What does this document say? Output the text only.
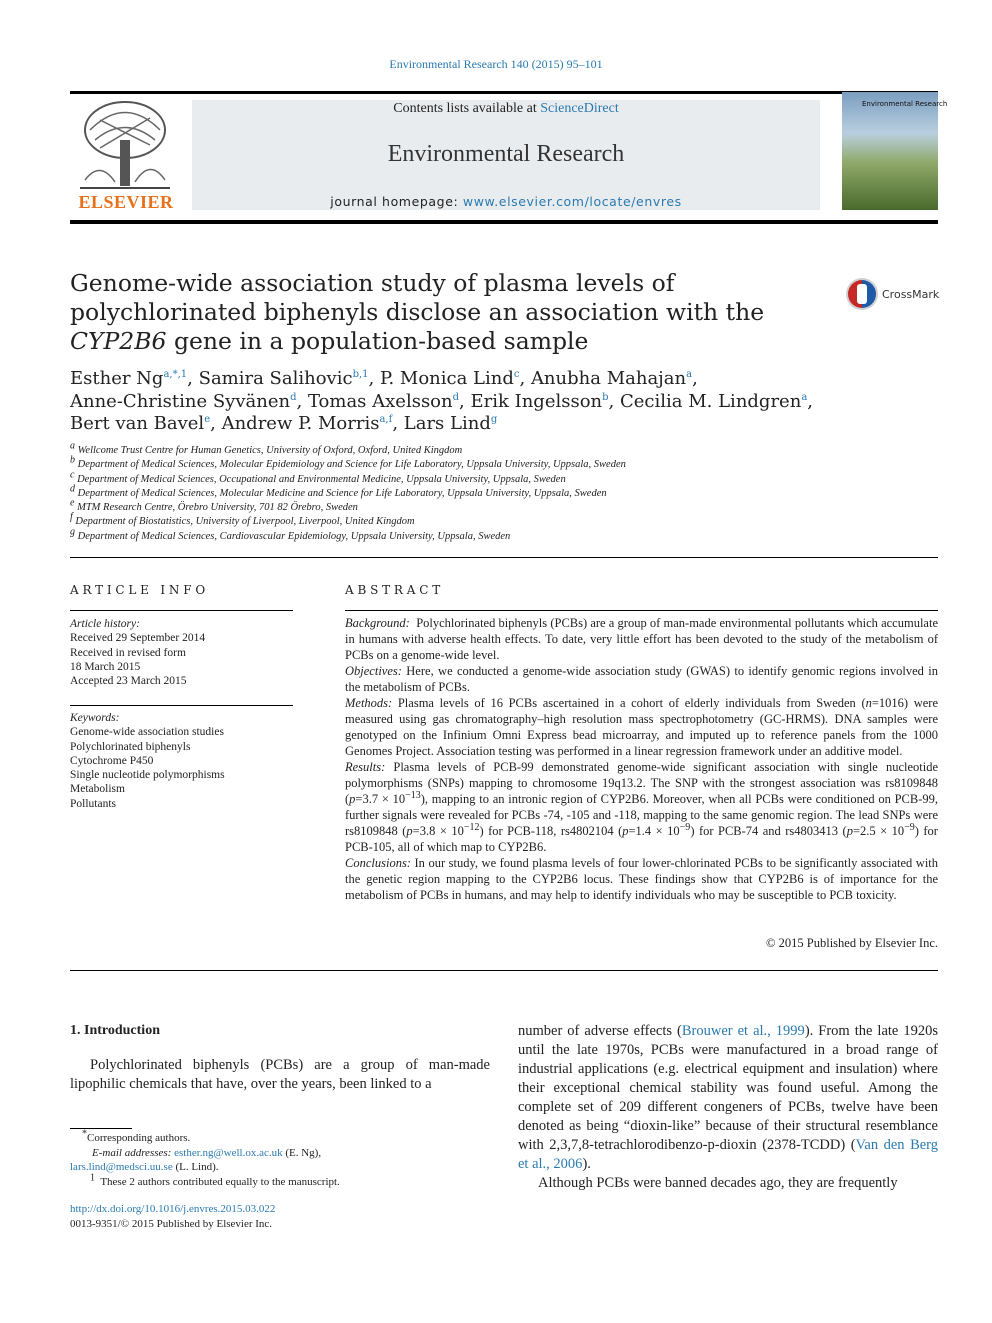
Environmental Research 140 (2015) 95–101
ELSEVIER
Contents lists available at ScienceDirect
Environmental Research
journal homepage: www.elsevier.com/locate/envres
Environmental Research
Genome-wide association study of plasma levels of polychlorinated biphenyls disclose an association with the CYP2B6 gene in a population-based sample
CrossMark
Esther $Ng^{a,*,1}$, Samira Salihovic$^{b,1}$, P. Monica Lind$^c$, Anubha Mahajan$^a$,
Anne-Christine Syvänen$^d$, Tomas Axelsson$^d$, Erik Ingelsson$^b$, Cecilia M. Lindgren$^a$,
Bert van Bavel$^e$, Andrew P. Morris$^{a,f}$, Lars Lind$^g$
$^a$ Wellcome Trust Centre for Human Genetics, University of Oxford, Oxford, United Kingdom
$^b$ Department of Medical Sciences, Molecular Epidemiology and Science for Life Laboratory, Uppsala University, Uppsala, Sweden
$^c$ Department of Medical Sciences, Occupational and Environmental Medicine, Uppsala University, Uppsala, Sweden
$^d$ Department of Medical Sciences, Molecular Medicine and Science for Life Laboratory, Uppsala University, Uppsala, Sweden
$^e$ MTM Research Centre, Örebro University, 701 82 Örebro, Sweden
$^f$ Department of Biostatistics, University of Liverpool, Liverpool, United Kingdom
$^g$ Department of Medical Sciences, Cardiovascular Epidemiology, Uppsala University, Uppsala, Sweden
ARTICLE INFO
Article history:
Received 29 September 2014
Received in revised form
18 March 2015
Accepted 23 March 2015
Keywords:
Genome-wide association studies
Polychlorinated biphenyls
Cytochrome P450
Single nucleotide polymorphisms
Metabolism
Pollutants
ABSTRACT

Background: Polychlorinated biphenyls (PCBs) are a group of man-made environmental pollutants which accumulate in humans with adverse health effects. To date, very little effort has been devoted to the study of the metabolism of PCBs on a genome-wide level.

Objectives: Here, we conducted a genome-wide association study (GWAS) to identify genomic regions involved in the metabolism of PCBs.

Methods: Plasma levels of 16 PCBs ascertained in a cohort of elderly individuals from Sweden (n=1016) were measured using gas chromatography–high resolution mass spectrophotometry (GC-HRMS). DNA samples were genotyped on the Infinium Omni Express bead microarray, and imputed up to reference panels from the 1000 Genomes Project. Association testing was performed in a linear regression framework under an additive model.

Results: Plasma levels of PCB-99 demonstrated genome-wide significant association with single nucleotide polymorphisms (SNPs) mapping to chromosome 19q13.2. The SNP with the strongest association was rs8109848 $(p=3.7 \times 10^{-13})$, mapping to an intronic region of CYP2B6. Moreover, when all PCBs were conditioned on PCB-99, further signals were revealed for PCBs -74, -105 and -118, mapping to the same genomic region. The lead SNPs were rs8109848 $(p=3.8 \times 10^{-12})$ for PCB-118, rs4802104 $(p=1.4 \times 10^{-9})$ for PCB-74 and rs4803413 $(p=2.5 \times 10^{-9})$ for PCB-105, all of which map to CYP2B6.

Conclusions: In our study, we found plasma levels of four lower-chlorinated PCBs to be significantly associated with the genetic region mapping to the CYP2B6 locus. These findings show that CYP2B6 is of importance for the metabolism of PCBs in humans, and may help to identify individuals who may be susceptible to PCB toxicity.

© 2015 Published by Elsevier Inc.
1. Introduction
Polychlorinated biphenyls (PCBs) are a group of man-made lipophilic chemicals that have, over the years, been linked to a

number of adverse effects (Brouwer et al., 1999). From the late 1920s until the late 1970s, PCBs were manufactured in a broad range of industrial applications (e.g. electrical equipment and insulation) where their exceptional chemical stability was found useful. Among the complete set of 209 different congeners of PCBs, twelve have been denoted as being “dioxin-like” because of their structural resemblance with 2,3,7,8-tetrachlorodibenzo-p-dioxin (2378-TCDD) (Van den Berg et al., 2006).

Although PCBs were banned decades ago, they are frequently

*Corresponding authors.
E-mail addresses: esther.ng@well.ox.ac.uk (E. Ng),
lars.lind@medsci.uu.se (L. Lind).
$^1$ These 2 authors contributed equally to the manuscript.
http://dx.doi.org/10.1016/j.envres.2015.03.022
0013-9351/© 2015 Published by Elsevier Inc.
